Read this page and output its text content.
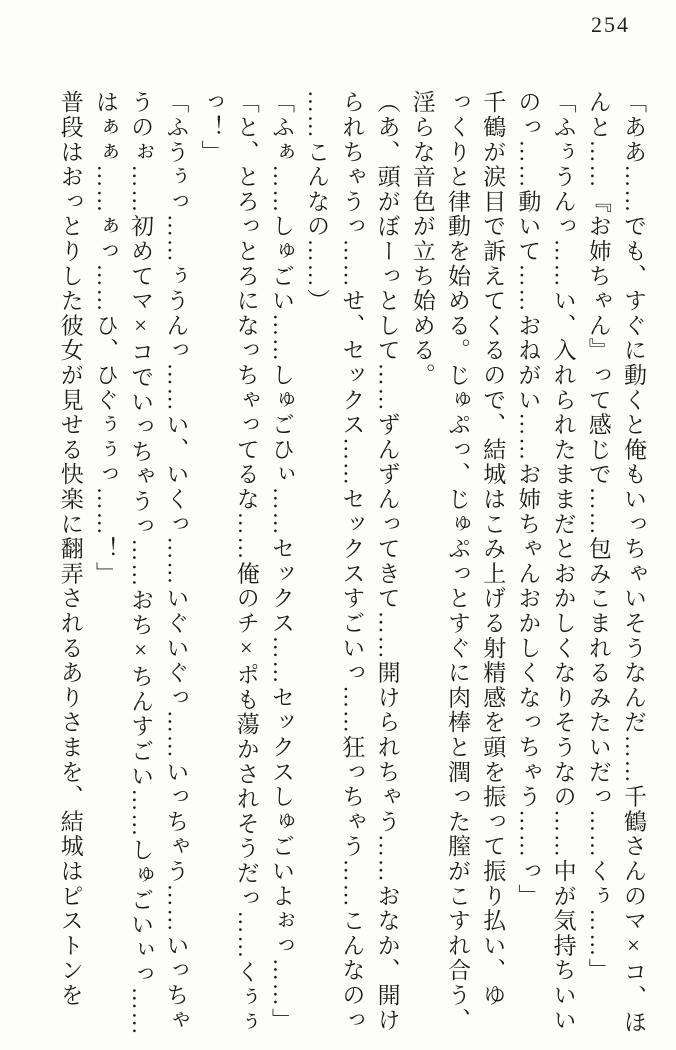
254
「ああ……でも、すぐに動くと俺もいっちゃいそうなんだ……千鶴さんのマ×コ、ほ
んと……『お姉ちゃん』って感じで……包みこまれるみたいだっ……くぅ……」
「ふぅうんっ……い、入れられたままだとおかしくなりそうなの……中が気持ちいい
のっ……動いて……おねがい……お姉ちゃんおかしくなっちゃう……っ」
千鶴が涙目で訴えてくるので、結城はこみ上げる射精感を頭を振って振り払い、ゆ
っくりと律動を始める。じゅぷっ、じゅぷっとすぐに肉棒と潤った膣がこすれ合う、
淫らな音色が立ち始める。
（あ、頭がぼーっとして……ずんずんってきて……開けられちゃう……おなか、開け
られちゃうっ……せ、セックス……セックスすごいっ……狂っちゃう……こんなのっ
……こんなの……）
「ふぁ……しゅごい……しゅごひぃ……セックス……セックスしゅごいよぉっ……」
「と、とろっとろになっちゃってるな……俺のチ×ポも蕩かされそうだっ……くぅぅ
っ！」
「ふうぅっ……ぅうんっ……い、いくっ……いぐいぐっ……いっちゃう……いっちゃ
うのぉ……初めてマ×コでいっちゃうっ……おち×ちんすごい……しゅごいぃっ……
はぁぁ……ぁっ……ひ、ひぐぅぅっ……！」
普段はおっとりした彼女が見せる快楽に翻弄されるありさまを、結城はピストンを
